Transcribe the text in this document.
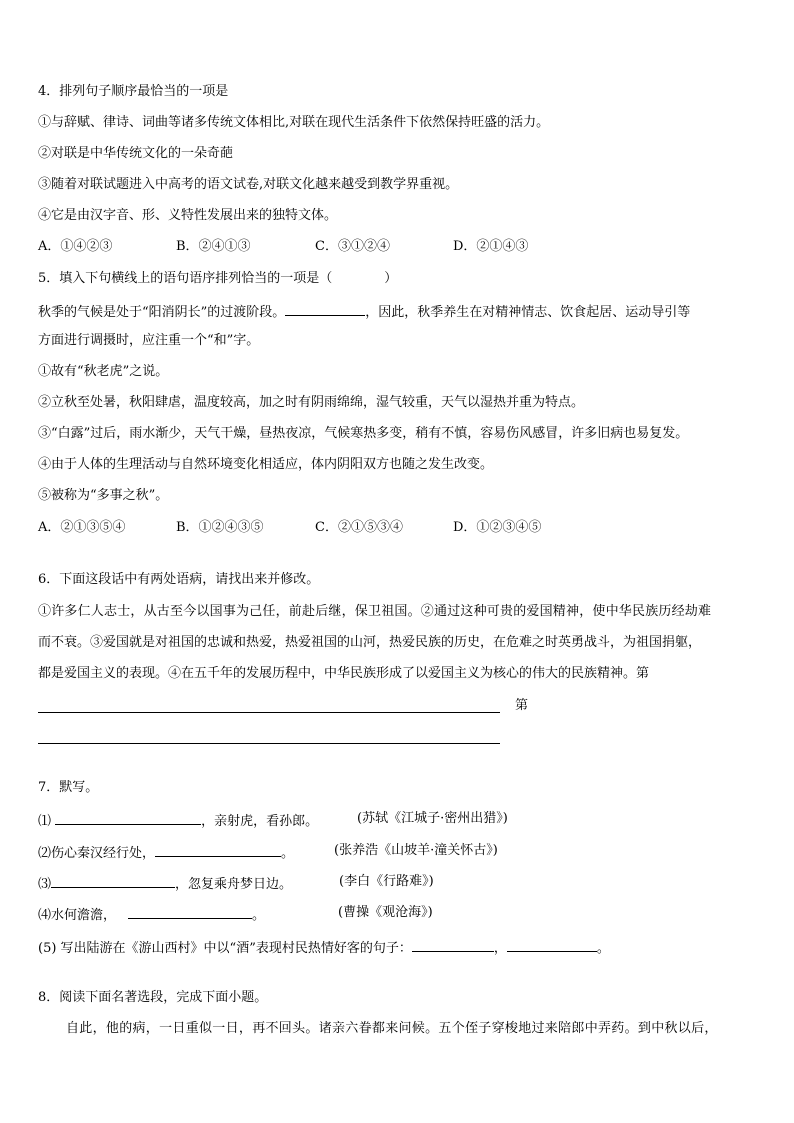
4．排列句子顺序最恰当的一项是
①与辞赋、律诗、词曲等诸多传统文体相比,对联在现代生活条件下依然保持旺盛的活力。
②对联是中华传统文化的一朵奇葩
③随着对联试题进入中高考的语文试卷,对联文化越来越受到教学界重视。
④它是由汉字音、形、义特性发展出来的独特文体。
A．①④②③	B．②④①③	C．③①②④	D．②①④③
5．填入下句横线上的语句语序排列恰当的一项是（	）
秋季的气候是处于“阳消阴长”的过渡阶段。	，因此，秋季养生在对精神情志、饮食起居、运动导引等
方面进行调摄时，应注重一个“和”字。
①故有“秋老虎”之说。
②立秋至处暑，秋阳肆虐，温度较高，加之时有阴雨绵绵，湿气较重，天气以湿热并重为特点。
③“白露”过后，雨水渐少，天气干燥，昼热夜凉，气候寒热多变，稍有不慎，容易伤风感冒，许多旧病也易复发。
④由于人体的生理活动与自然环境变化相适应，体内阴阳双方也随之发生改变。
⑤被称为“多事之秋”。
A．②①③⑤④	B．①②④③⑤	C．②①⑤③④	D．①②③④⑤
6．下面这段话中有两处语病，请找出来并修改。
①许多仁人志士，从古至今以国事为己任，前赴后继，保卫祖国。②通过这种可贵的爱国精神，使中华民族历经劫难
而不衰。③爱国就是对祖国的忠诚和热爱，热爱祖国的山河，热爱民族的历史，在危难之时英勇战斗，为祖国捐躯，
都是爱国主义的表现。④在五千年的发展历程中，中华民族形成了以爱国主义为核心的伟大的民族精神。第
第
7．默写。
⑴	，亲射虎，看孙郎。	(苏轼《江城子·密州出猎》)
⑵伤心秦汉经行处，	。	(张养浩《山坡羊·潼关怀古》)
⑶	，忽复乘舟梦日边。	(李白《行路难》)
⑷水何澹澹，	。	(曹操《观沧海》)
(5) 写出陆游在《游山西村》中以“酒”表现村民热情好客的句子：	，	。
8．阅读下面名著选段，完成下面小题。
自此，他的病，一日重似一日，再不回头。诸亲六眷都来问候。五个侄子穿梭地过来陪郎中弄药。到中秋以后，
